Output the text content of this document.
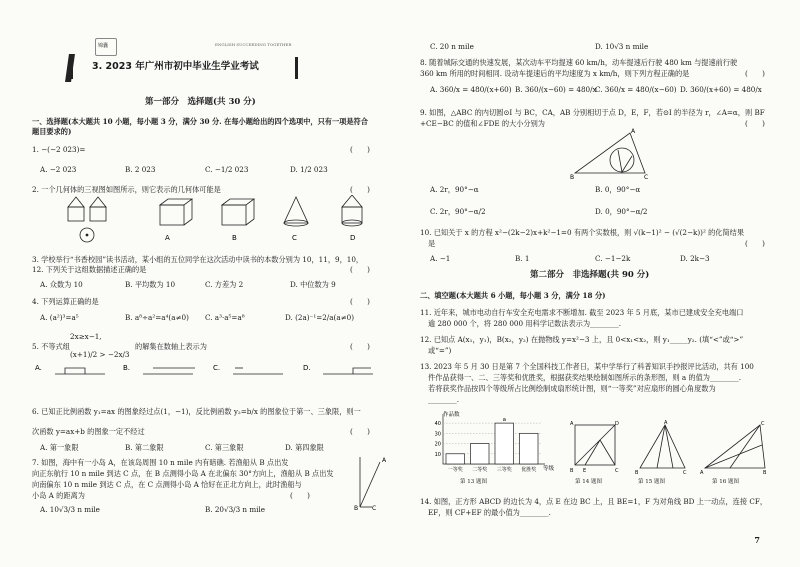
锦囊	ENGLISH SUCCEEDING TOGETHER
3. 2023 年广州市初中毕业生学业考试
第一部分　选择题(共 30 分)
一、选择题(本大题共 10 小题，每小题 3 分，满分 30 分. 在每小题给出的四个选项中，只有一项是符合
题目要求的)
1. −(−2 023)=	(　　)
A. −2 023	B. 2 023	C. −1/2 023	D. 1/2 023
2. 一个几何体的三视图如图所示，则它表示的几何体可能是	(　　)
A	B	C	D
3. 学校举行“书香校园”读书活动，某小组的五位同学在这次活动中读书的本数分别为 10，11，9，10，
12. 下列关于这组数据描述正确的是	(　　)
A. 众数为 10	B. 平均数为 10	C. 方差为 2	D. 中位数为 9
4. 下列运算正确的是	(　　)
A. (a²)³=a⁵	B. a⁸÷a²=a⁴(a≠0) C. a³·a⁵=a⁸	D. (2a)⁻¹=2/a(a≠0)
5. 不等式组
2x≥x−1,
(x+1)/2 > −2x/3
的解集在数轴上表示为	(　　)
A.	B.	C.	D.
6. 已知正比例函数 y₁=ax 的图象经过点(1，−1)，反比例函数 y₂=b/x 的图象位于第一、三象限，则一
次函数 y=ax+b 的图象一定不经过	(　　)
A. 第一象限	B. 第二象限	C. 第三象限	D. 第四象限
7. 如图，海中有一小岛 A，在该岛周围 10 n mile 内有暗礁. 若渔船从 B 点出发
向正东航行 10 n mile 到达 C 点，在 B 点测得小岛 A 在北偏东 30°方向上，渔船从 B 点出发
向南偏东 10 n mile 到达 C 点，在 C 点测得小岛 A 恰好在正北方向上，此时渔船与
小岛 A 的距离为	(　　)
A
B C
A. 10√3/3 n mile	B. 20√3/3 n mile
C. 20 n mile	D. 10√3 n mile
8. 随着城际交通的快速发展，某次动车平均提速 60 km/h，动车提速后行驶 480 km 与提速前行驶
360 km 所用的时间相同. 设动车提速后的平均速度为 x km/h，则下列方程正确的是	(　　)
A. 360/x = 480/(x+60) B. 360/(x−60) = 480/x
C. 360/x = 480/(x−60) D. 360/(x+60) = 480/x
9. 如图，△ABC 的内切圆⊙I 与 BC，CA，AB 分别相切于点 D，E，F，若⊙I 的半径为 r，∠A=α，则 BF
+CE−BC 的值和∠FDE 的大小分别为	(　　)
A
B	C
A. 2r，90°−α	B. 0，90°−α
C. 2r，90°−α/2	D. 0，90°−α/2
10. 已知关于 x 的方程 x²−(2k−2)x+k²−1=0 有两个实数根，则 √(k−1)² − (√(2−k))² 的化简结果
是	(　　)
A. −1	B. 1	C. −1−2k	D. 2k−3
第二部分　非选择题(共 90 分)
二、填空题(本大题共 6 小题，每小题 3 分，满分 18 分)
11. 近年来，城市电动自行车安全充电需求不断增加. 截至 2023 年 5 月底，某市已建成安全充电端口
逾 280 000 个，将 280 000 用科学记数法表示为________.
12. 已知点 A(x₁，y₁)，B(x₂，y₂) 在抛物线 y=x²−3 上，且 0<x₁<x₂，则 y₁_____y₂. (填“<”或“>”
或“=”)
13. 2023 年 5 月 30 日是第 7 个全国科技工作者日，某中学举行了科普知识手抄报评比活动，共有 100
件作品获得一、二、三等奖和优胜奖，根据获奖结果绘制如图所示的条形图，则 a 的值为________.
若将获奖作品按四个等级所占比例绘制成扇形统计图，则“一等奖”对应扇形的圆心角度数为
________.
作品数
等级
10
20
30
40
一等奖 二等奖 三等奖 优胜奖
a
第 13 题图
A	D
B	C
E
第 14 题图
A
B	C
第 15 题图
A
C
B
第 16 题图
14. 如图，正方形 ABCD 的边长为 4，点 E 在边 BC 上，且 BE=1，F 为对角线 BD 上一动点，连接 CF，
EF，则 CF+EF 的最小值为________.
7
